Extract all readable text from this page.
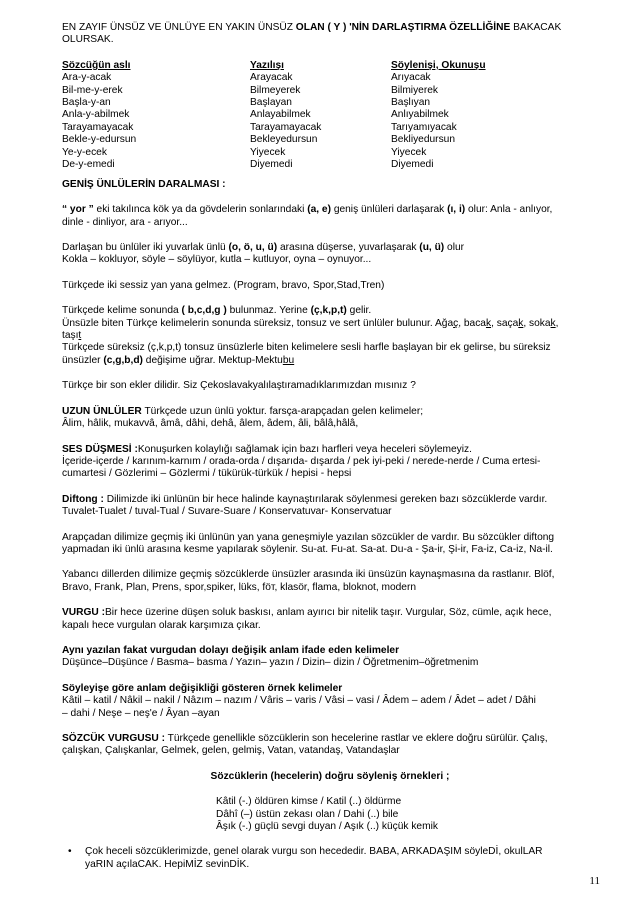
EN ZAYIF ÜNSÜZ VE ÜNLÜYE EN YAKIN ÜNSÜZ OLAN ( Y ) 'NİN DARLAŞTIRMA ÖZELLİĞİNE BAKACAK

OLURSAK.

Sözcüğün aslı	Yazılışı	Söylenişi, Okunuşu
Ara-y-acak	Arayacak	Arıyacak
Bil-me-y-erek	Bilmeyerek	Bilmiyerek
Başla-y-an	Başlayan	Başlıyan
Anla-y-abilmek	Anlayabilmek	Anlıyabilmek
Tarayamayacak	Tarayamayacak	Tarıyamıyacak
Bekle-y-edursun	Bekleyedursun	Bekliyedursun
Ye-y-ecek	Yiyecek	Yiyecek
De-y-emedi	Diyemedi	Diyemedi

GENİŞ ÜNLÜLERİN DARALMASI :

“ yor ” eki takılınca kök ya da gövdelerin sonlarındaki (a, e) geniş ünlüleri darlaşarak (ı, i) olur: Anla - anlıyor,

dinle - dinliyor, ara - arıyor...

Darlaşan bu ünlüler iki yuvarlak ünlü (o, ö, u, ü) arasına düşerse, yuvarlaşarak (u, ü) olur

Kokla – kokluyor, söyle – söylüyor, kutla – kutluyor, oyna – oynuyor...

Türkçede iki sessiz yan yana gelmez. (Program, bravo, Spor,Stad,Tren)

Türkçede kelime sonunda ( b,c,d,g ) bulunmaz. Yerine (ç,k,p,t) gelir.

Ünsüzle biten Türkçe kelimelerin sonunda süreksiz, tonsuz ve sert ünlüler bulunur. Ağaç, bacak, saçak, sokak,

taşıt

Türkçede süreksiz (ç,k,p,t) tonsuz ünsüzlerle biten kelimelere sesli harfle başlayan bir ek gelirse, bu süreksiz

ünsüzler (c,g,b,d) değişime uğrar. Mektup-Mektubu

Türkçe bir son ekler dilidir. Siz Çekoslavakyalılaştıramadıklarımızdan mısınız ?

UZUN ÜNLÜLER Türkçede uzun ünlü yoktur. farsça-arapçadan gelen kelimeler;

Âlim, hâlik, mukavvâ, âmâ, dâhi, dehâ, âlem, âdem, âli, bâlâ,hâlâ,

SES DÜŞMESİ :Konuşurken kolaylığı sağlamak için bazı harfleri veya heceleri söylemeyiz.

İçeride-içerde / karınım-karnım / orada-orda / dışarıda- dışarda / pek iyi-peki / nerede-nerde / Cuma ertesi-

cumartesi / Gözlerimi – Gözlermi / tükürük-türkük / hepisi - hepsi

Diftong : Dilimizde iki ünlünün bir hece halinde kaynaştırılarak söylenmesi gereken bazı sözcüklerde vardır.

Tuvalet-Tualet / tuval-Tual / Suvare-Suare / Konservatuvar- Konservatuar

Arapçadan dilimize geçmiş iki ünlünün yan yana geneşmiyle yazılan sözcükler de vardır. Bu sözcükler diftong

yapmadan iki ünlü arasına kesme yapılarak söylenir. Su-at. Fu-at. Sa-at. Du-a - Şa-ir, Şi-ir, Fa-iz, Ca-iz, Na-il.

Yabancı dillerden dilimize geçmiş sözcüklerde ünsüzler arasında iki ünsüzün kaynaşmasına da rastlanır. Blöf,

Bravo, Frank, Plan, Prens, spor,spiker, lüks, föт, klasör, flama, bloknot, modern

VURGU :Bir hece üzerine düşen soluk baskısı, anlam ayırıcı bir nitelik taşır. Vurgular, Söz, cümle, açık hece,

kapalı hece vurgulan olarak karşımıza çıkar.

Aynı yazılan fakat vurgudan dolayı değişik anlam ifade eden kelimeler

Düşünce–Düşünce / Basma– basma / Yazın– yazın / Dizin– dizin / Öğretmenim–öğretmenim

Söyleyişe göre anlam değişikliği gösteren örnek kelimeler

Kâtil – katil / Nâkil – nakil / Nâzım – nazım / Vâris – varis / Vâsi – vasi / Âdem – adem / Âdet – adet / Dâhi

– dahi / Neşe – neş'e / Âyan –ayan

SÖZCÜK VURGUSU : Türkçede genellikle sözcüklerin son hecelerine rastlar ve eklere doğru sürülür. Çalış,

çalışkan, Çalışkanlar, Gelmek, gelen, gelmiş, Vatan, vatandaş, Vatandaşlar

Sözcüklerin (hecelerin) doğru söyleniş örnekleri ;

Kâtil (-.) öldüren kimse / Katil (..) öldürme

Dâhî (–) üstün zekası olan / Dahi (..) bile

Âşık (-.) güçlü sevgi duyan / Aşık (..) küçük kemik

• Çok heceli sözcüklerimizde, genel olarak vurgu son hecededir. BABA, ARKADAŞIM söyleDİ, okulLAR

yaRIN açılaCAK. HepiMİZ sevinDİK.

11
